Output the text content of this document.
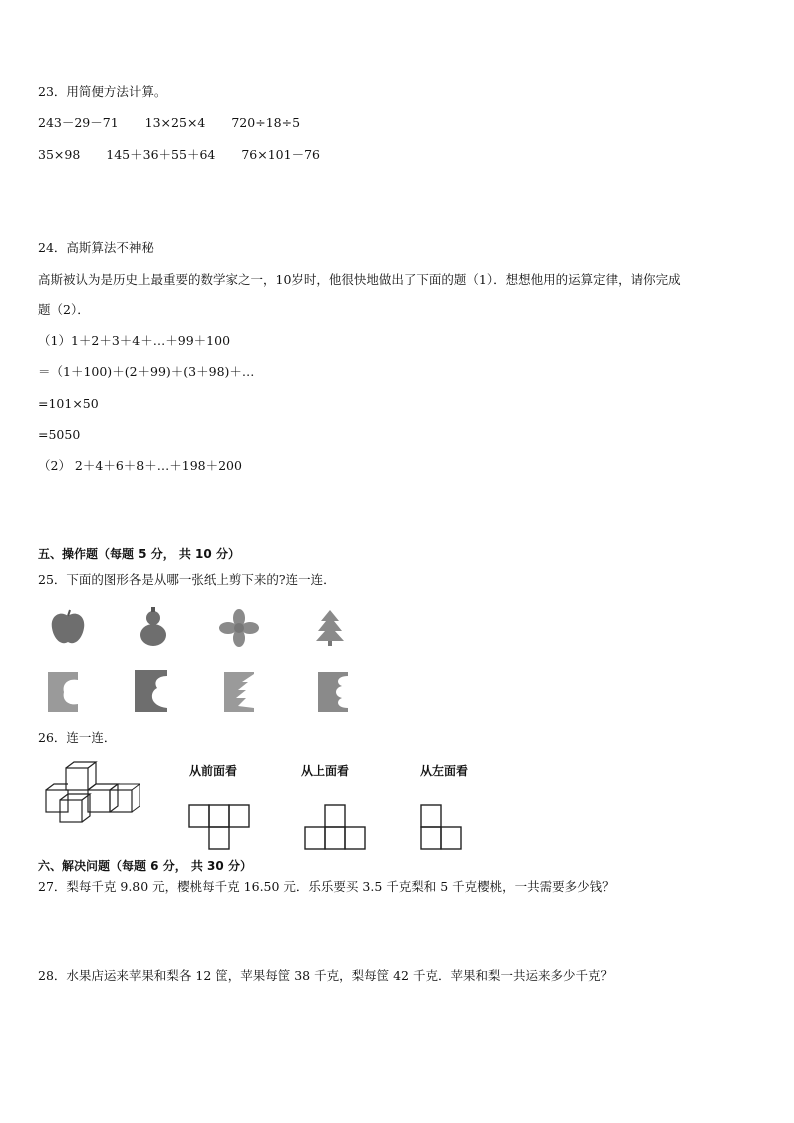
23．用简便方法计算。
243－29－71 13×25×4 720÷18÷5
35×98 145＋36＋55＋64 76×101－76
24．高斯算法不神秘
高斯被认为是历史上最重要的数学家之一，10岁时，他很快地做出了下面的题（1）．想想他用的运算定律，请你完成
题（2）．
（1）1＋2＋3＋4＋…＋99＋100
＝（1＋100)＋(2＋99)＋(3＋98)＋…
=101×50
=5050
（2） 2＋4＋6＋8＋…＋198＋200
五、操作题（每题 5 分， 共 10 分）
25．下面的图形各是从哪一张纸上剪下来的?连一连．
26．连一连．
从前面看	从上面看	从左面看
六、解决问题（每题 6 分， 共 30 分）
27．梨每千克 9.80 元，樱桃每千克 16.50 元．乐乐要买 3.5 千克梨和 5 千克樱桃，一共需要多少钱？
28．水果店运来苹果和梨各 12 筐，苹果每筐 38 千克，梨每筐 42 千克．苹果和梨一共运来多少千克？
